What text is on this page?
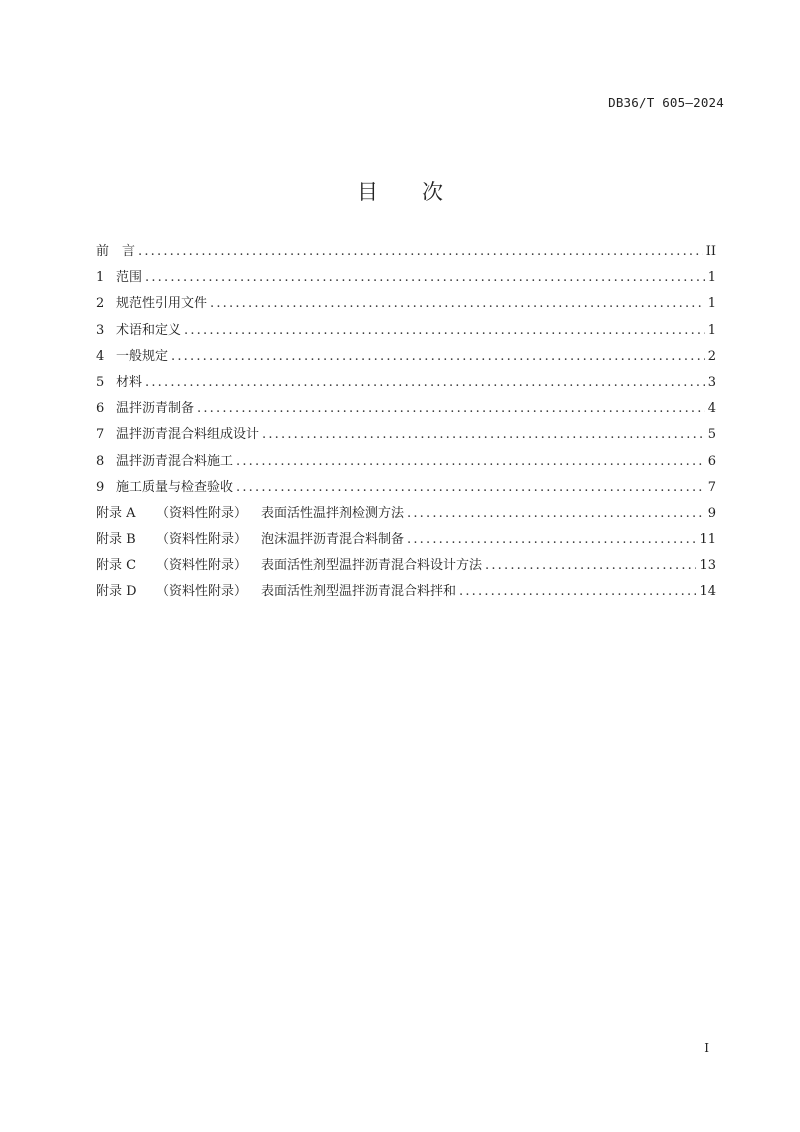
DB36/T 605—2024
目 次
前　言 .....	II
1 范围 .....	1
2 规范性引用文件 .....	1
3 术语和定义 .....	1
4 一般规定 .....	2
5 材料 .....	3
6 温拌沥青制备 .....	4
7 温拌沥青混合料组成设计 .....	5
8 温拌沥青混合料施工 .....	6
9 施工质量与检查验收 .....	7
附录 A	（资料性附录）	表面活性温拌剂检测方法 .....	9
附录 B	（资料性附录）	泡沫温拌沥青混合料制备 .....	11
附录 C	（资料性附录）	表面活性剂型温拌沥青混合料设计方法 .....	13
附录 D	（资料性附录）	表面活性剂型温拌沥青混合料拌和 .....	14
I
